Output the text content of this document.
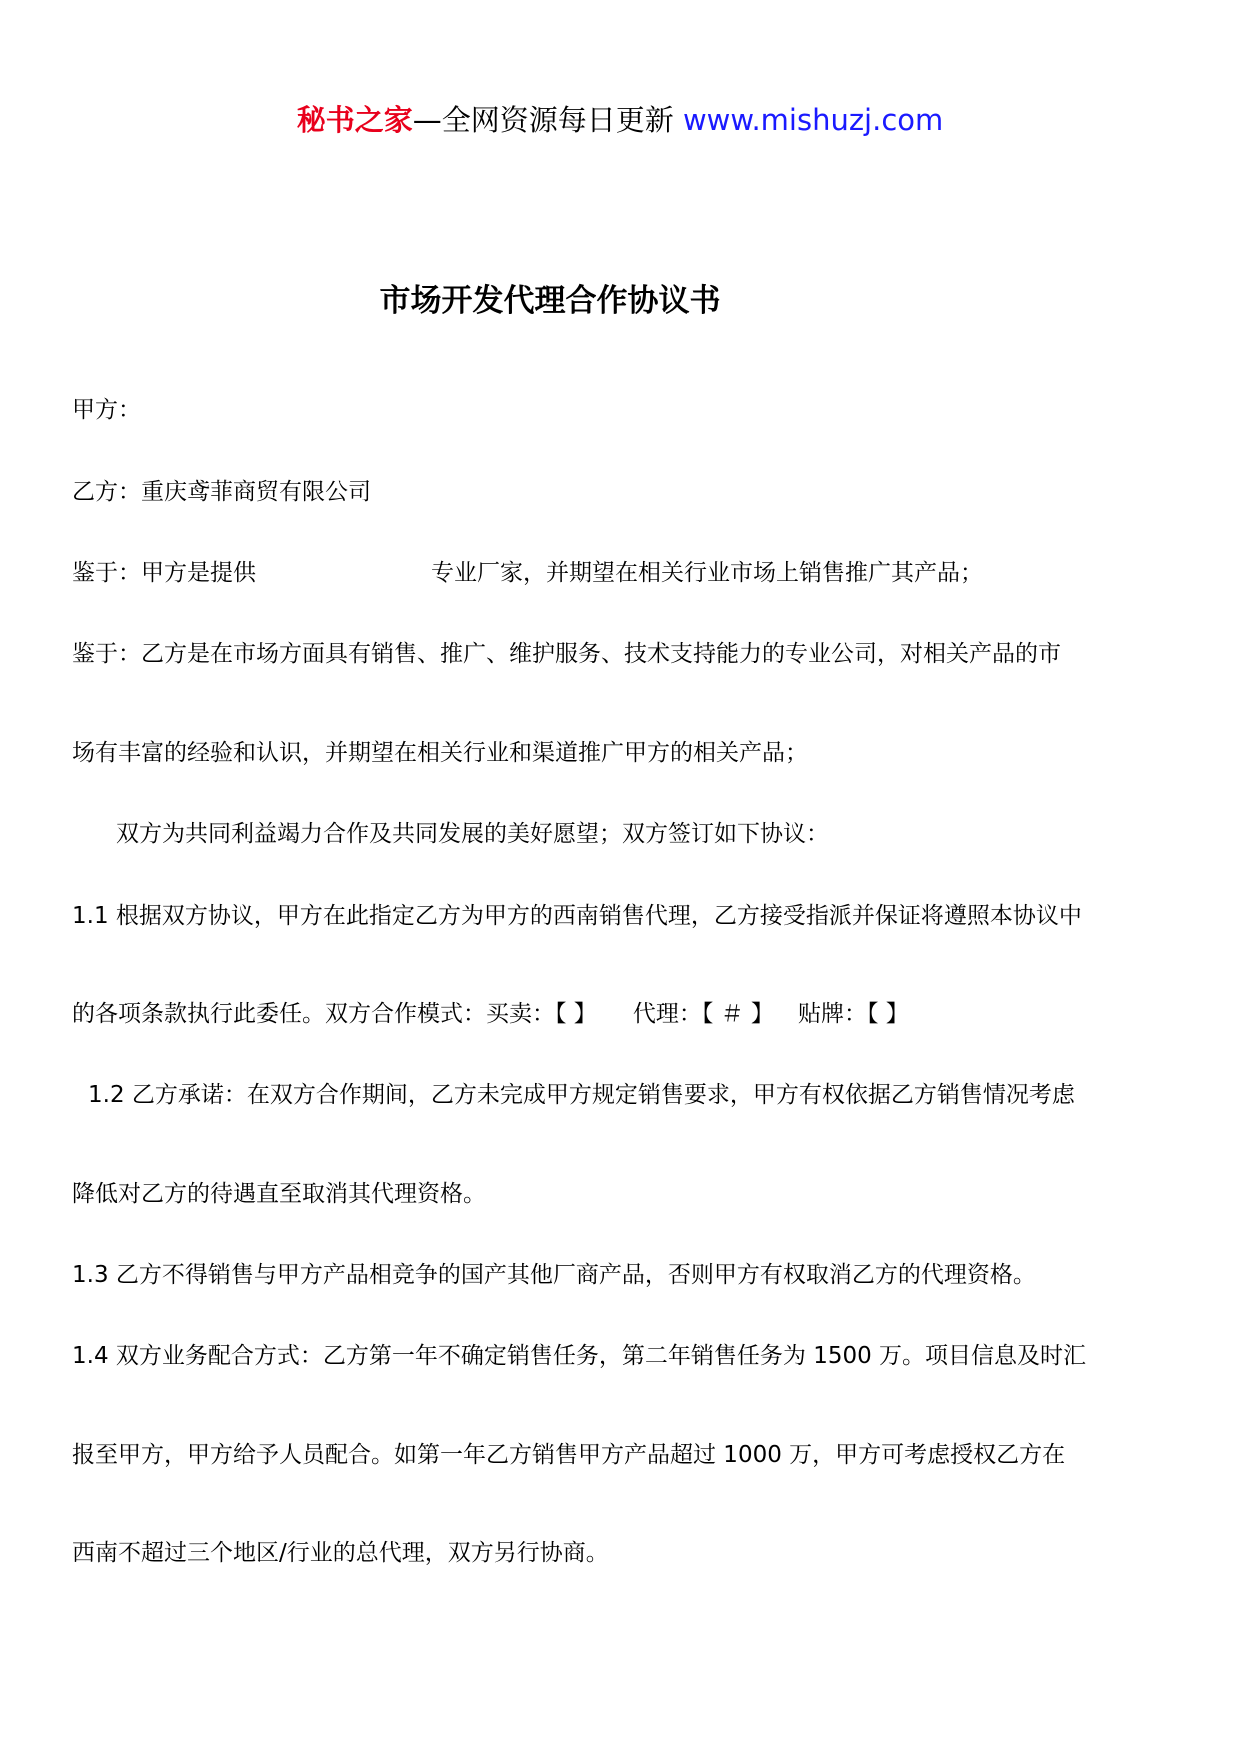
秘书之家—全网资源每日更新 www.mishuzj.com
市场开发代理合作协议书
甲方：
乙方：重庆鸢菲商贸有限公司
鉴于：甲方是提供	专业厂家，并期望在相关行业市场上销售推广其产品；
鉴于：乙方是在市场方面具有销售、推广、维护服务、技术支持能力的专业公司，对相关产品的市
场有丰富的经验和认识，并期望在相关行业和渠道推广甲方的相关产品；
双方为共同利益竭力合作及共同发展的美好愿望；双方签订如下协议：
1.1 根据双方协议，甲方在此指定乙方为甲方的西南销售代理，乙方接受指派并保证将遵照本协议中
的各项条款执行此委任。双方合作模式：买卖：【 】 代理：【 ＃ 】 贴牌：【 】
1.2 乙方承诺：在双方合作期间，乙方未完成甲方规定销售要求，甲方有权依据乙方销售情况考虑
降低对乙方的待遇直至取消其代理资格。
1.3 乙方不得销售与甲方产品相竞争的国产其他厂商产品，否则甲方有权取消乙方的代理资格。
1.4 双方业务配合方式：乙方第一年不确定销售任务，第二年销售任务为 1500 万。项目信息及时汇
报至甲方，甲方给予人员配合。如第一年乙方销售甲方产品超过 1000 万，甲方可考虑授权乙方在
西南不超过三个地区/行业的总代理，双方另行协商。
